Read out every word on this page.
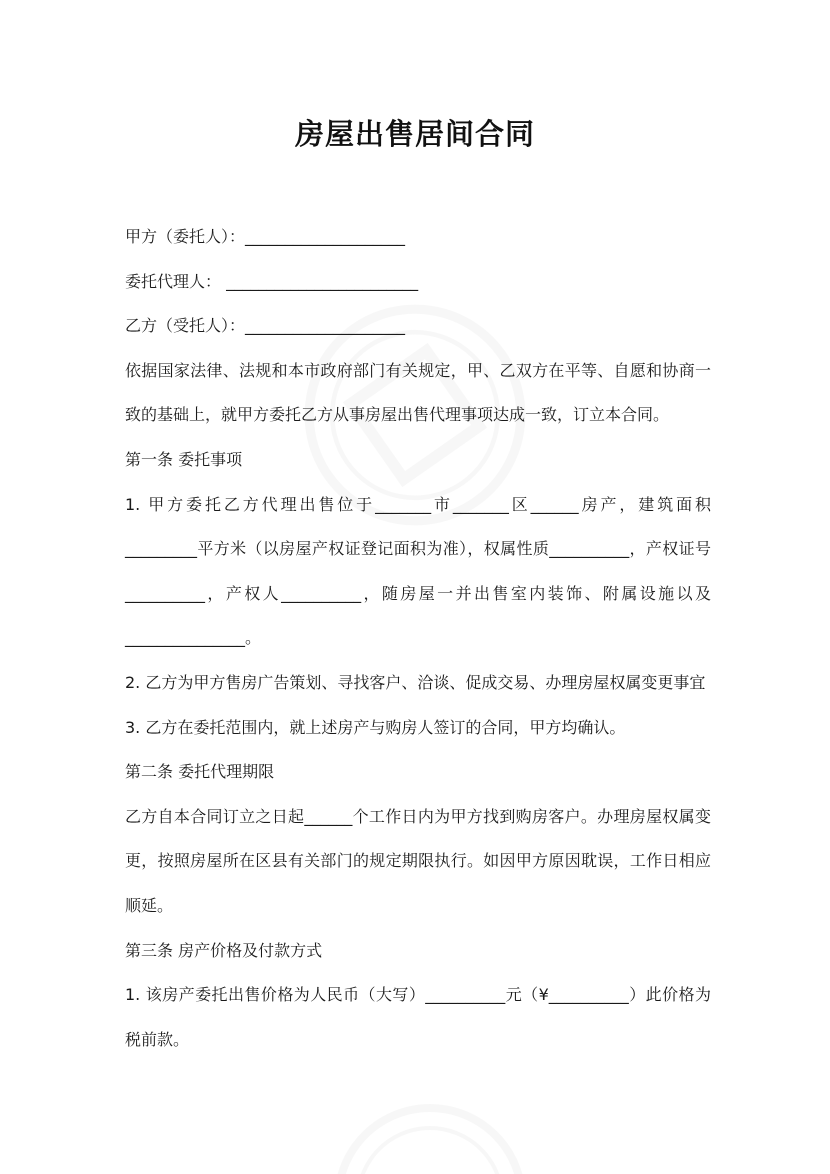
房屋出售居间合同

甲方（委托人）：____________________

委托代理人： ________________________

乙方（受托人）：____________________

依据国家法律、法规和本市政府部门有关规定，甲、乙双方在平等、自愿和协商一致的基础上，就甲方委托乙方从事房屋出售代理事项达成一致，订立本合同。

第一条 委托事项

1. 甲方委托乙方代理出售位于_______市_______区______房产，建筑面积_________平方米（以房屋产权证登记面积为准），权属性质__________，产权证号__________，产权人__________，随房屋一并出售室内装饰、附属设施以及_______________。

2. 乙方为甲方售房广告策划、寻找客户、洽谈、促成交易、办理房屋权属变更事宜

3. 乙方在委托范围内，就上述房产与购房人签订的合同，甲方均确认。

第二条 委托代理期限

乙方自本合同订立之日起______个工作日内为甲方找到购房客户。办理房屋权属变更，按照房屋所在区县有关部门的规定期限执行。如因甲方原因耽误，工作日相应顺延。

第三条 房产价格及付款方式

1. 该房产委托出售价格为人民币（大写）__________元（¥__________）此价格为税前款。
